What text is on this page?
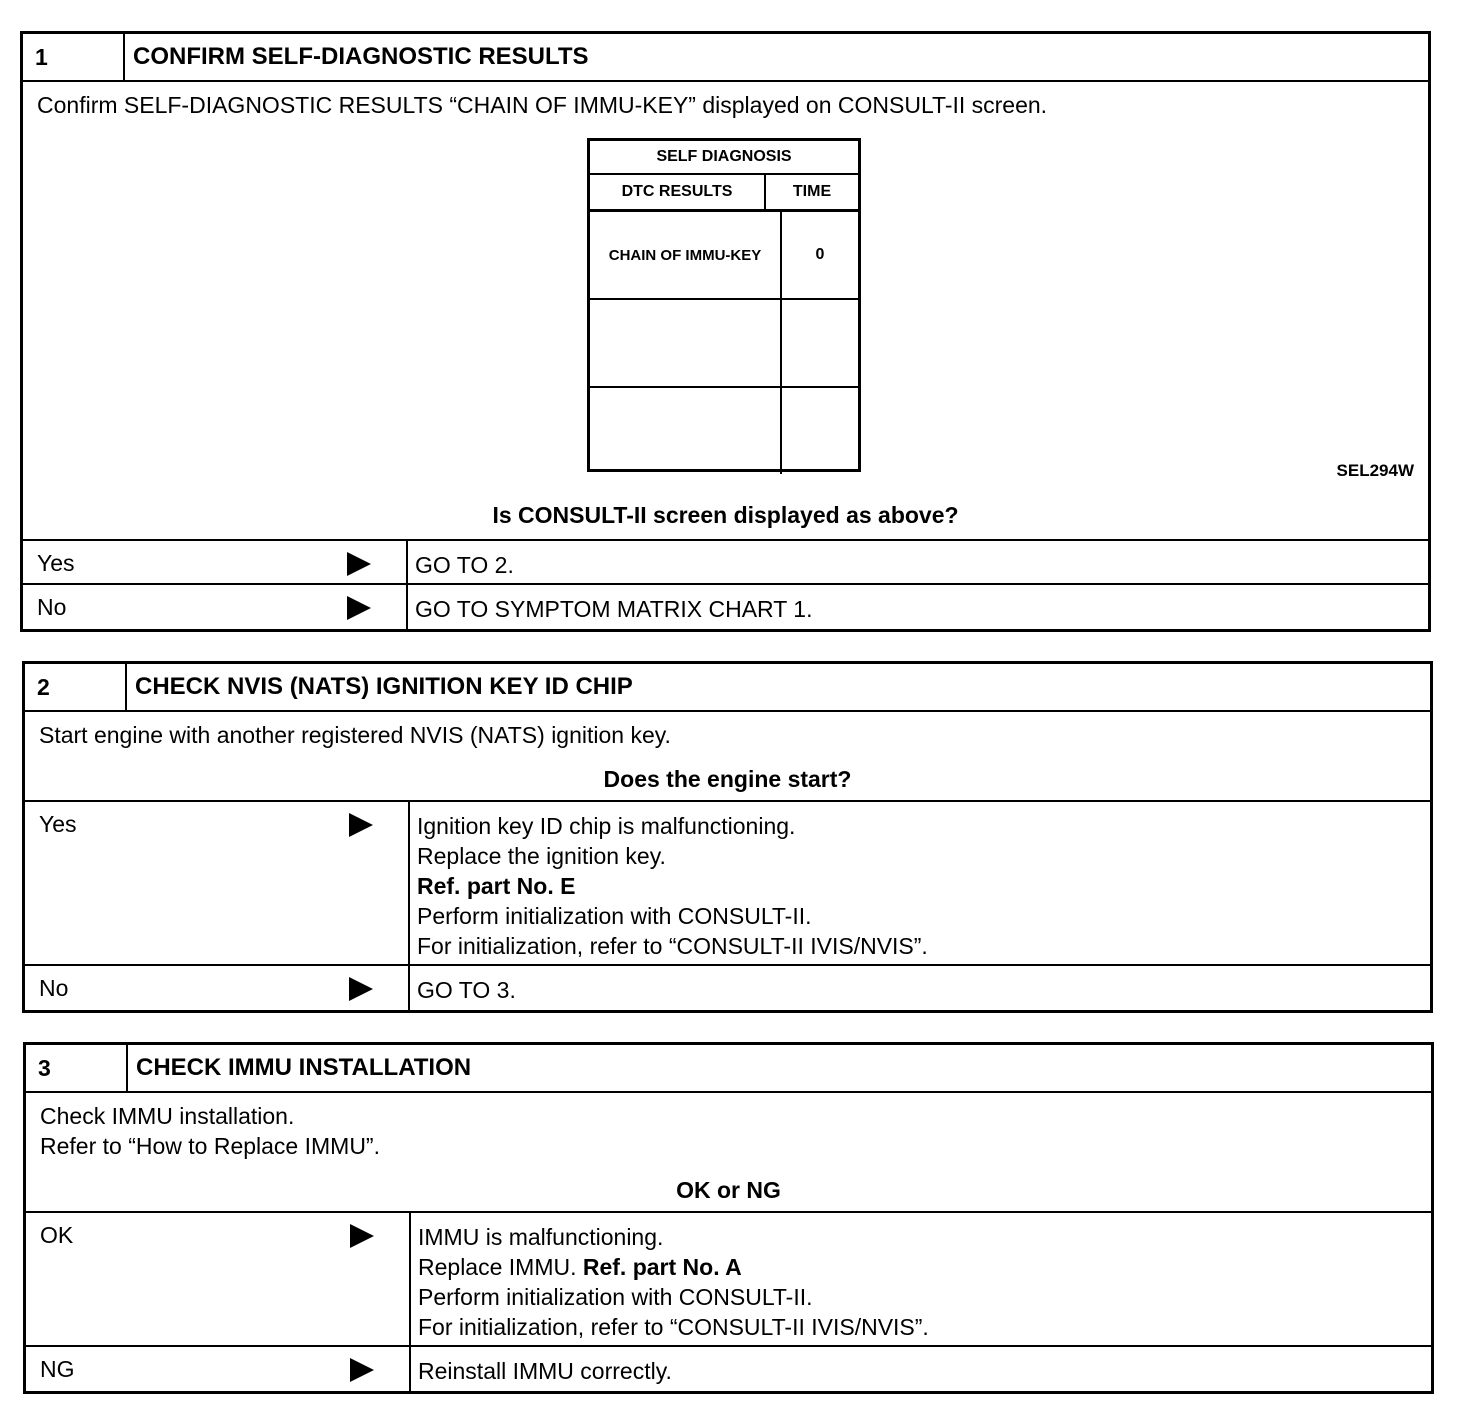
1	CONFIRM SELF-DIAGNOSTIC RESULTS
Confirm SELF-DIAGNOSTIC RESULTS “CHAIN OF IMMU-KEY” displayed on CONSULT-II screen.
SELF DIAGNOSIS
DTC RESULTS	TIME
CHAIN OF IMMU-KEY	0
SEL294W
Is CONSULT-II screen displayed as above?
Yes	GO TO 2.
No	GO TO SYMPTOM MATRIX CHART 1.
2	CHECK NVIS (NATS) IGNITION KEY ID CHIP
Start engine with another registered NVIS (NATS) ignition key.
Does the engine start?
Yes	Ignition key ID chip is malfunctioning.
Replace the ignition key.
Ref. part No. E
Perform initialization with CONSULT-II.
For initialization, refer to “CONSULT-II IVIS/NVIS”.
No	GO TO 3.
3	CHECK IMMU INSTALLATION
Check IMMU installation.
Refer to “How to Replace IMMU”.
OK or NG
OK	IMMU is malfunctioning.
Replace IMMU. Ref. part No. A
Perform initialization with CONSULT-II.
For initialization, refer to “CONSULT-II IVIS/NVIS”.
NG	Reinstall IMMU correctly.
